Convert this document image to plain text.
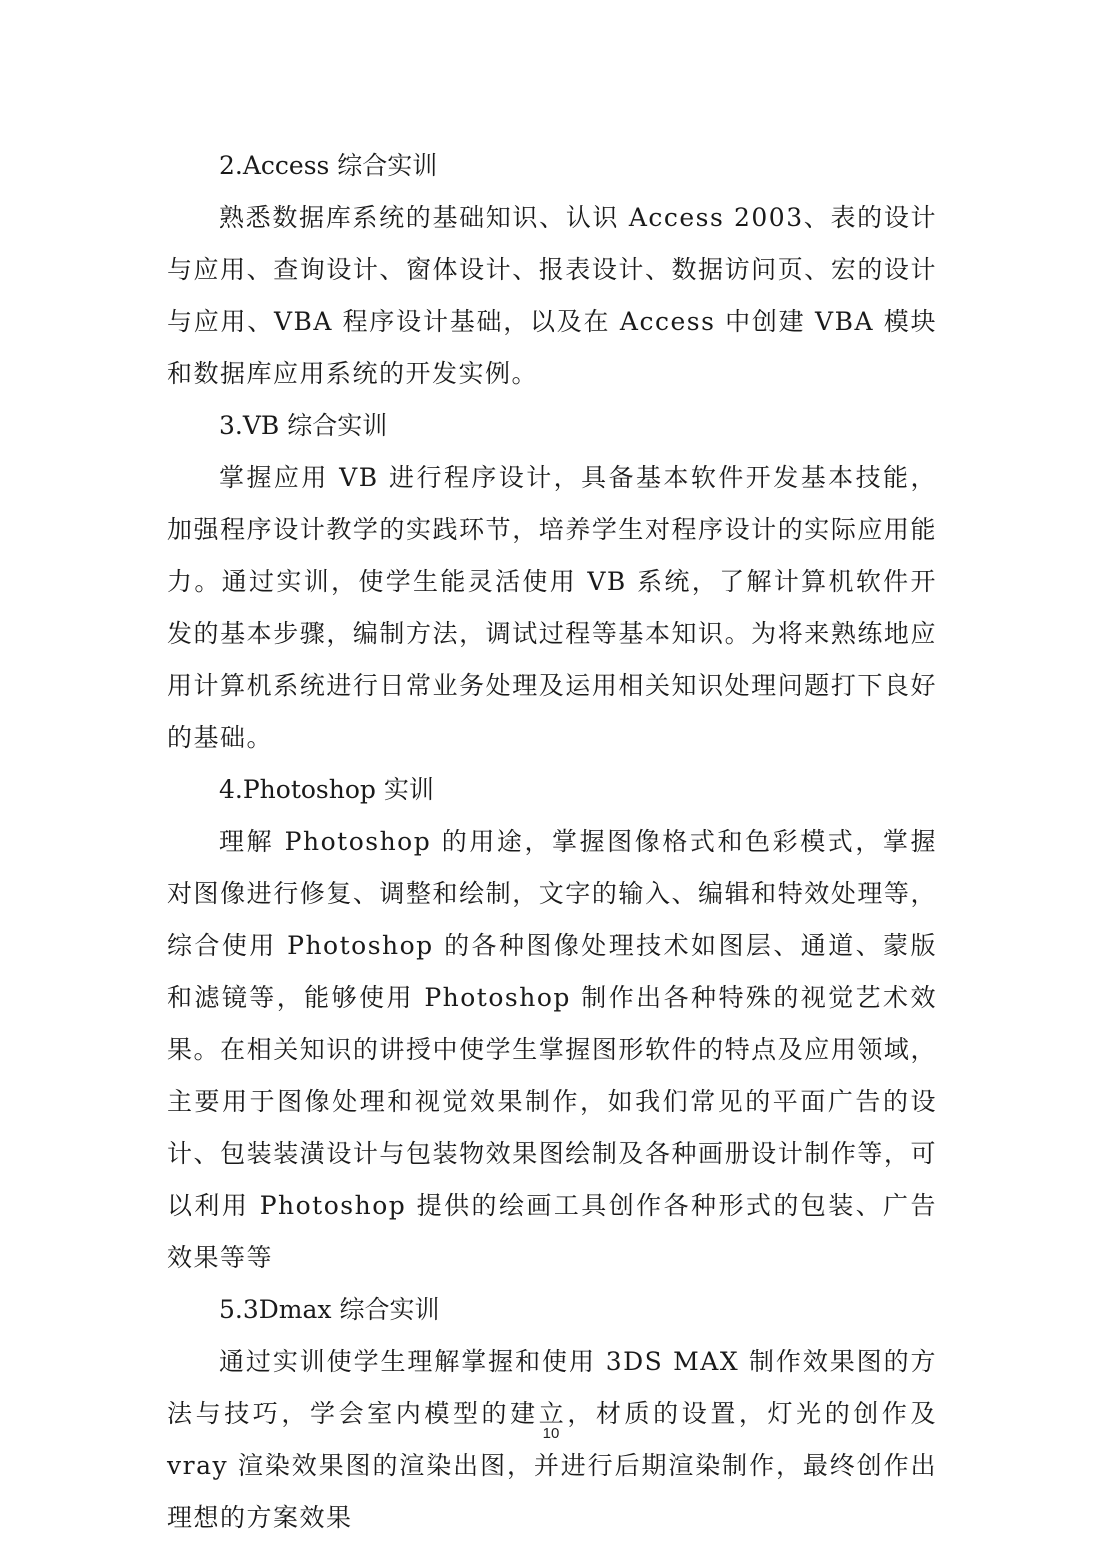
2.Access 综合实训

熟悉数据库系统的基础知识、认识 Access 2003、表的设计与应用、查询设计、窗体设计、报表设计、数据访问页、宏的设计与应用、VBA 程序设计基础，以及在 Access 中创建 VBA 模块和数据库应用系统的开发实例。

3.VB 综合实训

掌握应用 VB 进行程序设计，具备基本软件开发基本技能，加强程序设计教学的实践环节，培养学生对程序设计的实际应用能力。通过实训，使学生能灵活使用 VB 系统，了解计算机软件开发的基本步骤，编制方法，调试过程等基本知识。为将来熟练地应用计算机系统进行日常业务处理及运用相关知识处理问题打下良好的基础。

4.Photoshop 实训

理解 Photoshop 的用途，掌握图像格式和色彩模式，掌握对图像进行修复、调整和绘制，文字的输入、编辑和特效处理等，综合使用 Photoshop 的各种图像处理技术如图层、通道、蒙版和滤镜等，能够使用 Photoshop 制作出各种特殊的视觉艺术效果。在相关知识的讲授中使学生掌握图形软件的特点及应用领域，主要用于图像处理和视觉效果制作，如我们常见的平面广告的设计、包装装潢设计与包装物效果图绘制及各种画册设计制作等，可以利用 Photoshop 提供的绘画工具创作各种形式的包装、广告效果等等

5.3Dmax 综合实训

通过实训使学生理解掌握和使用 3DS MAX 制作效果图的方法与技巧，学会室内模型的建立，材质的设置，灯光的创作及 vray 渲染效果图的渲染出图，并进行后期渲染制作，最终创作出理想的方案效果

10
